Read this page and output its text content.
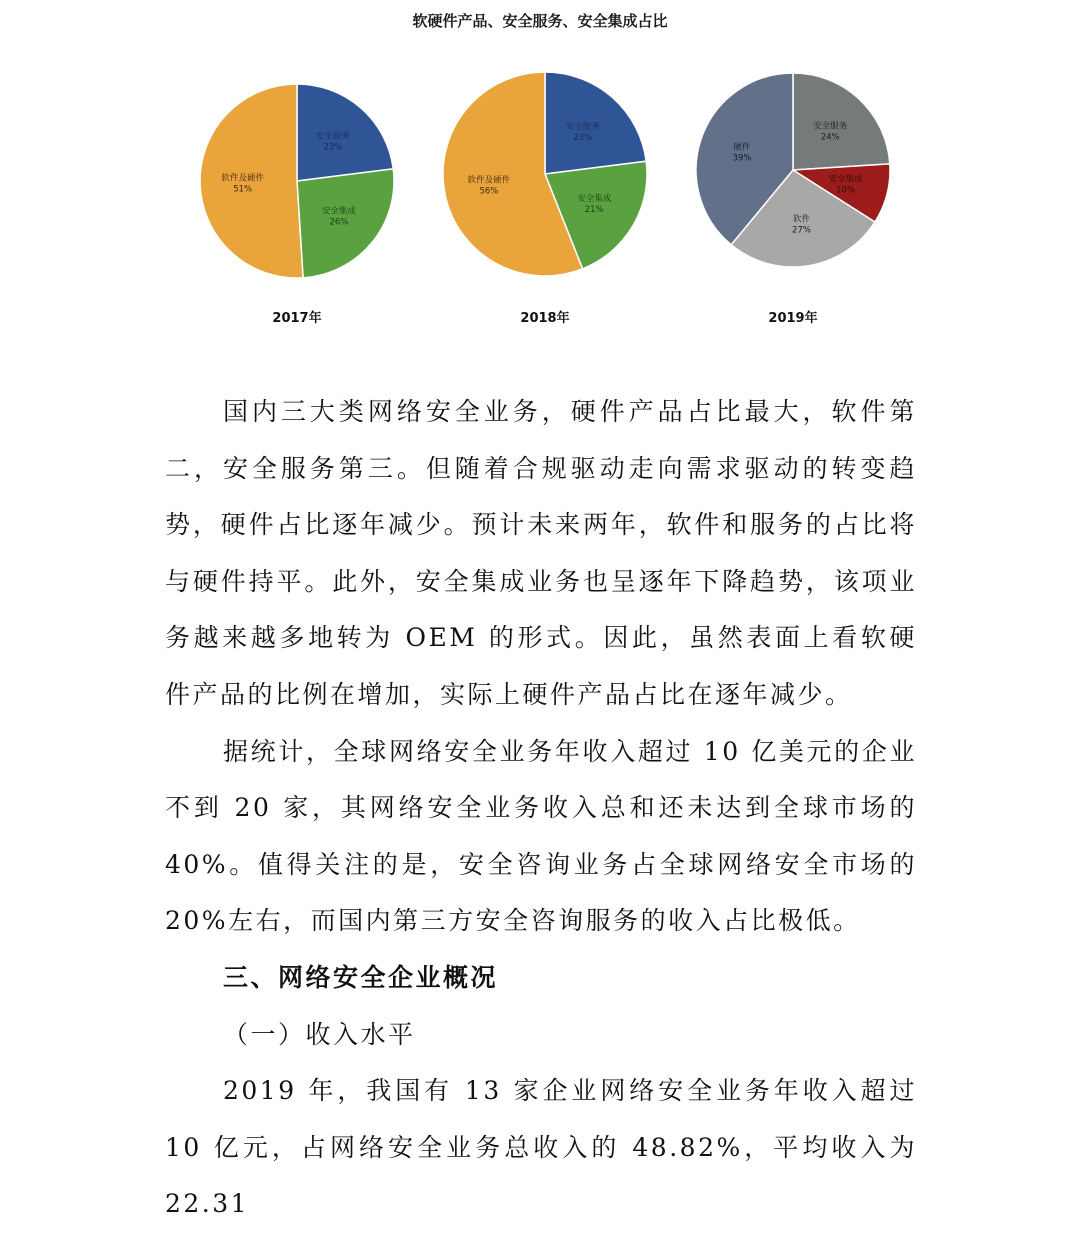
软硬件产品、安全服务、安全集成占比
安全服务
23%
安全集成
26%
软件及硬件
51%
2017年
安全服务
23%
安全集成
21%
软件及硬件
56%
2018年
安全服务
24%
安全集成
10%
软件
27%
硬件
39%
2019年

国内三大类网络安全业务，硬件产品占比最大，软件第二，安全服务第三。但随着合规驱动走向需求驱动的转变趋势，硬件占比逐年减少。预计未来两年，软件和服务的占比将与硬件持平。此外，安全集成业务也呈逐年下降趋势，该项业务越来越多地转为 OEM 的形式。因此，虽然表面上看软硬件产品的比例在增加，实际上硬件产品占比在逐年减少。

据统计，全球网络安全业务年收入超过 10 亿美元的企业不到 20 家，其网络安全业务收入总和还未达到全球市场的 40%。值得关注的是，安全咨询业务占全球网络安全市场的 20%左右，而国内第三方安全咨询服务的收入占比极低。

三、网络安全企业概况

（一）收入水平

2019 年，我国有 13 家企业网络安全业务年收入超过 10 亿元，占网络安全业务总收入的 48.82%，平均收入为 22.31
